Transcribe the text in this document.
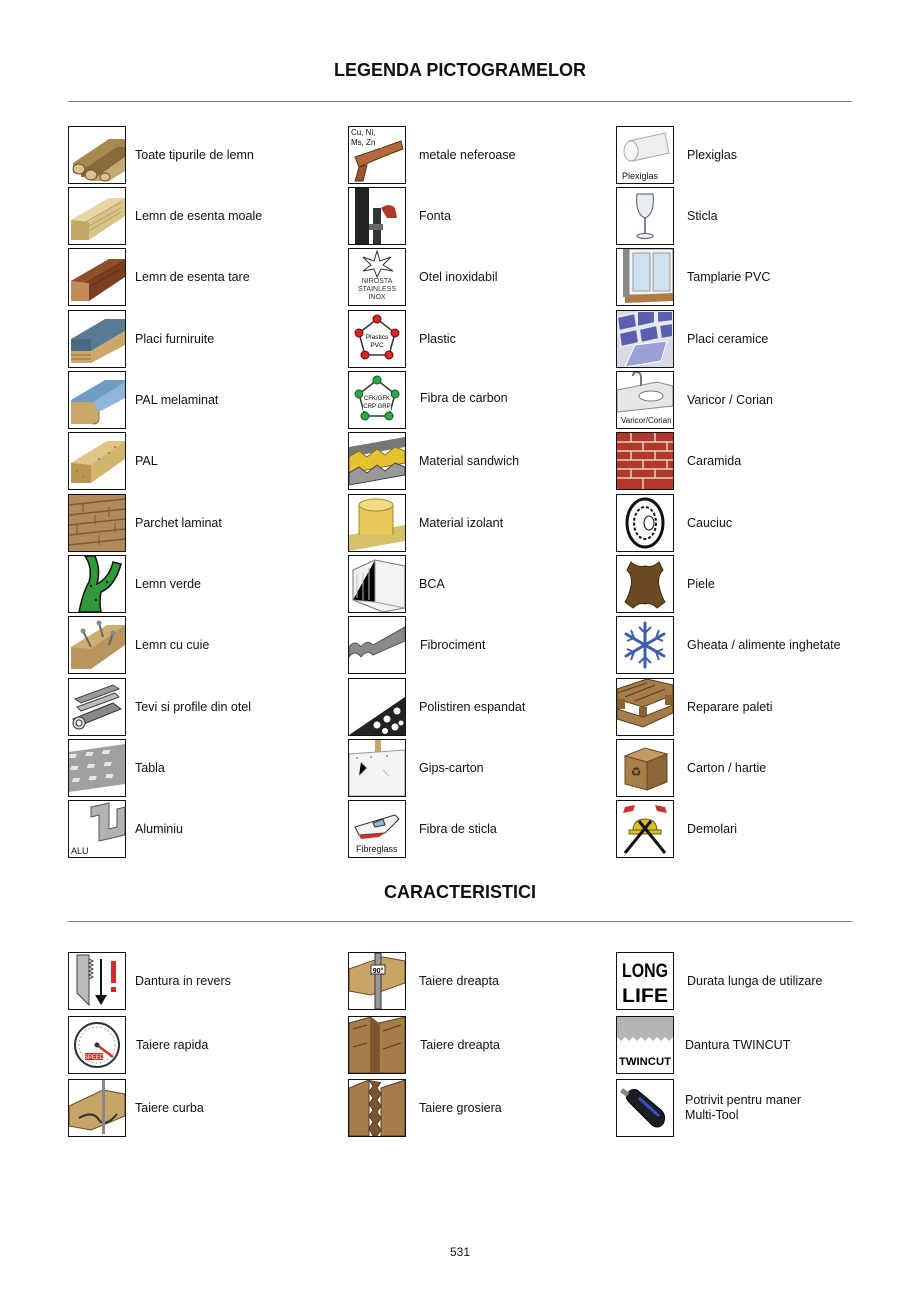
LEGENDA PICTOGRAMELOR
Toate tipurile de lemn
Lemn de esenta moale
Lemn de esenta tare
Placi furniruite
PAL melaminat
PAL
Parchet laminat
Lemn verde
Lemn cu cuie
Tevi si profile din otel
Tabla
ALU
Aluminiu
Cu, Ni, Ms, Zn
metale neferoase
Fonta
NIROSTA
STAINLESS
INOX
Otel inoxidabil
Plastics
PVC	Plastic
CFK/GFK
CRP GRP
Fibra de carbon
Material sandwich
Material izolant
BCA
Fibrociment
Polistiren espandat
Gips-carton
Fibreglass
Fibra de sticla
Plexiglas
Plexiglas
Sticla
Tamplarie PVC
Placi ceramice
Varicor/Corian
Varicor / Corian
Caramida
Cauciuc
Piele
Gheata / alimente inghetate
Reparare paleti
♻	Carton / hartie
Demolari
CARACTERISTICI
Dantura in revers
SPEED
Taiere rapida
Taiere curba
90°
Taiere dreapta
Taiere dreapta
Taiere grosiera
LONG
LIFE
Durata lunga de utilizare
TWINCUT
Dantura TWINCUT
Potrivit pentru maner Multi-Tool
531
